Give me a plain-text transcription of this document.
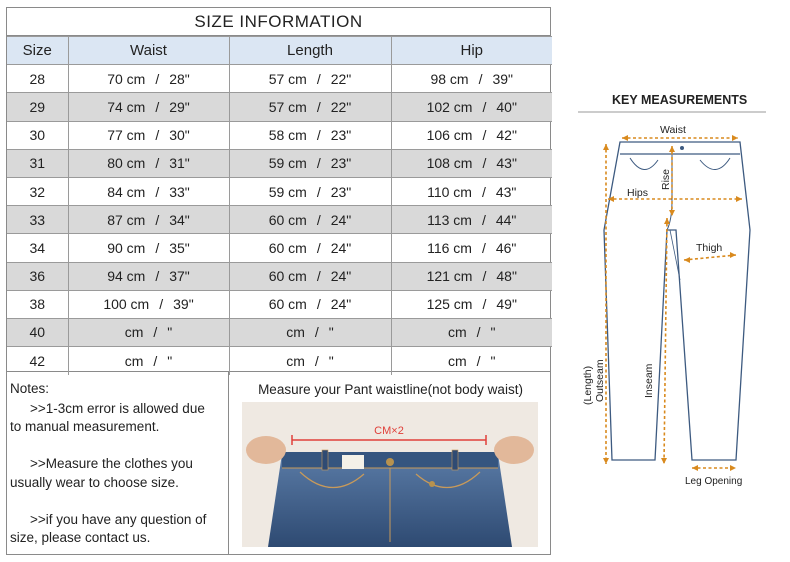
SIZE INFORMATION
Size	Waist	Length	Hip
28	70 cm / 28"	57 cm / 22"	98 cm / 39"
29	74 cm / 29"	57 cm / 22"	102 cm / 40"
30	77 cm / 30"	58 cm / 23"	106 cm / 42"
31	80 cm / 31"	59 cm / 23"	108 cm / 43"
32	84 cm / 33"	59 cm / 23"	110 cm / 43"
33	87 cm / 34"	60 cm / 24"	113 cm / 44"
34	90 cm / 35"	60 cm / 24"	116 cm / 46"
36	94 cm / 37"	60 cm / 24"	121 cm / 48"
38	100 cm / 39"	60 cm / 24"	125 cm / 49"
40	cm / "	cm / "	cm / "
42	cm / "	cm / "	cm / "
Notes:

>>1-3cm error is allowed due
to manual measurement.

>>Measure the clothes you
usually wear to choose size.

>>if you have any question of
size, please contact us.

Measure your Pant waistline(not body waist)
CM×2
KEY MEASUREMENTS
Waist
Rise
Hips
Thigh
(Length) Outseam	Inseam
Leg Opening
